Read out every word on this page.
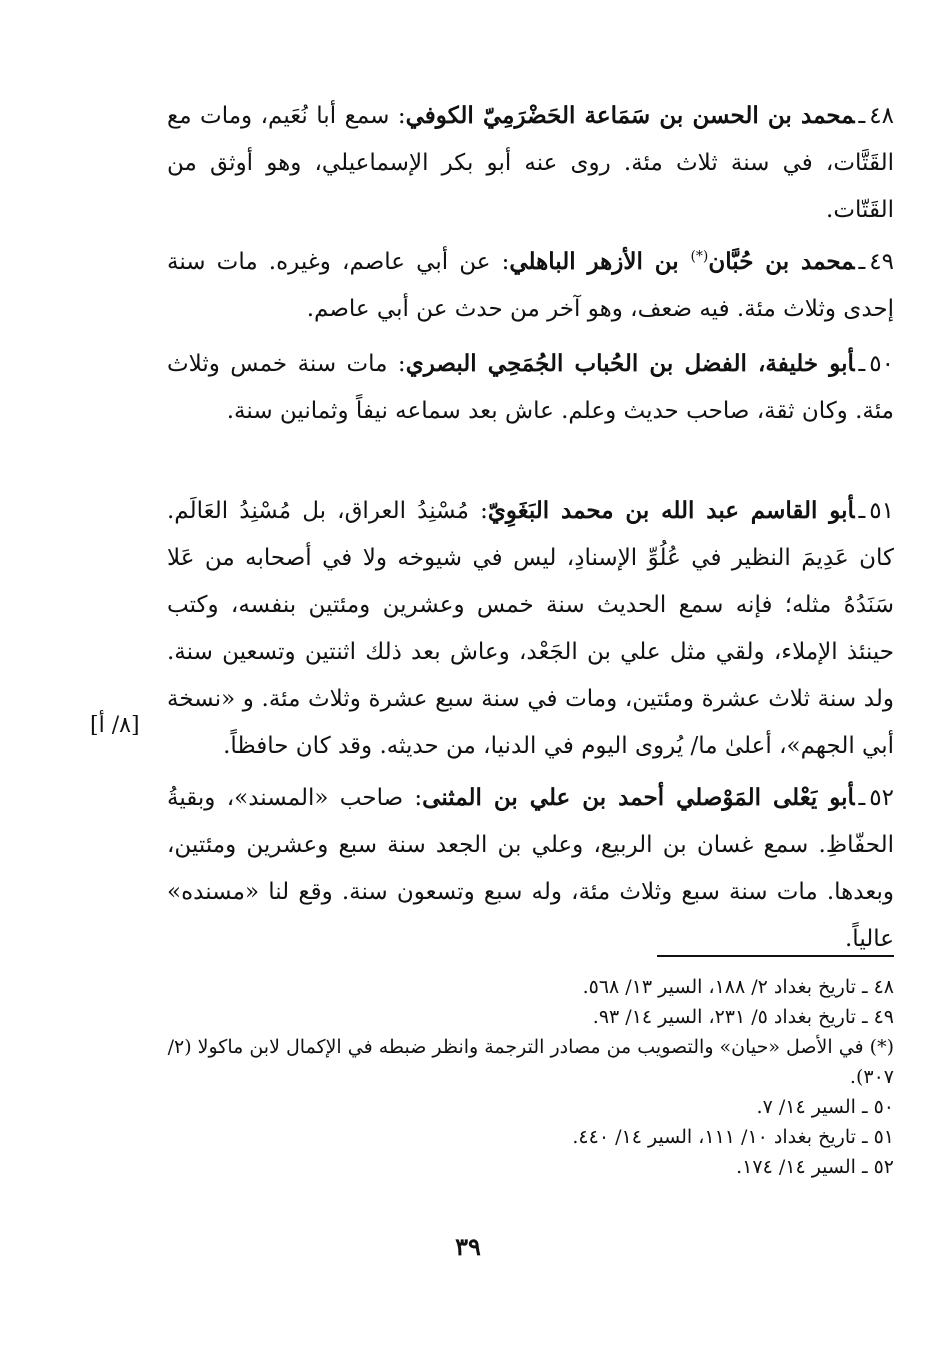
٤٨ـمحمد بن الحسن بن سَمَاعة الحَضْرَمِيّ الكوفي: سمع أبا نُعَيم، ومات مع القَتَّات، في سنة ثلاث مئة. روى عنه أبو بكر الإسماعيلي، وهو أوثق من القَتّات.

٤٩ـمحمد بن حُبَّان(*) بن الأزهر الباهلي: عن أبي عاصم، وغيره. مات سنة إحدى وثلاث مئة. فيه ضعف، وهو آخر من حدث عن أبي عاصم.

٥٠ـأبو خليفة، الفضل بن الحُباب الجُمَحِي البصري: مات سنة خمس وثلاث مئة. وكان ثقة، صاحب حديث وعلم. عاش بعد سماعه نيفاً وثمانين سنة.

٥١ـأبو القاسم عبد الله بن محمد البَغَوِيّ: مُسْنِدُ العراق، بل مُسْنِدُ العَالَم. كان عَدِيمَ النظير في عُلُوِّ الإسنادِ، ليس في شيوخه ولا في أصحابه من عَلا سَنَدُهُ مثله؛ فإنه سمع الحديث سنة خمس وعشرين ومئتين بنفسه، وكتب حينئذ الإملاء، ولقي مثل علي بن الجَعْد، وعاش بعد ذلك اثنتين وتسعين سنة. ولد سنة ثلاث عشرة ومئتين، ومات في سنة سبع عشرة وثلاث مئة. و «نسخة أبي الجهم»، أعلىٰ ما/ يُروى اليوم في الدنيا، من حديثه. وقد كان حافظاً.

[٨/ أ]

٥٢ـأبو يَعْلى المَوْصلي أحمد بن علي بن المثنى: صاحب «المسند»، وبقيةُ الحفّاظِ. سمع غسان بن الربيع، وعلي بن الجعد سنة سبع وعشرين ومئتين، وبعدها. مات سنة سبع وثلاث مئة، وله سبع وتسعون سنة. وقع لنا «مسنده» عالياً.

٤٨ ـ تاريخ بغداد ٢/ ١٨٨، السير ١٣/ ٥٦٨.
٤٩ ـ تاريخ بغداد ٥/ ٢٣١، السير ١٤/ ٩٣.
(*) في الأصل «حيان» والتصويب من مصادر الترجمة وانظر ضبطه في الإكمال لابن ماكولا (٢/ ٣٠٧).
٥٠ ـ السير ١٤/ ٧.
٥١ ـ تاريخ بغداد ١٠/ ١١١، السير ١٤/ ٤٤٠.
٥٢ ـ السير ١٤/ ١٧٤.
٣٩
